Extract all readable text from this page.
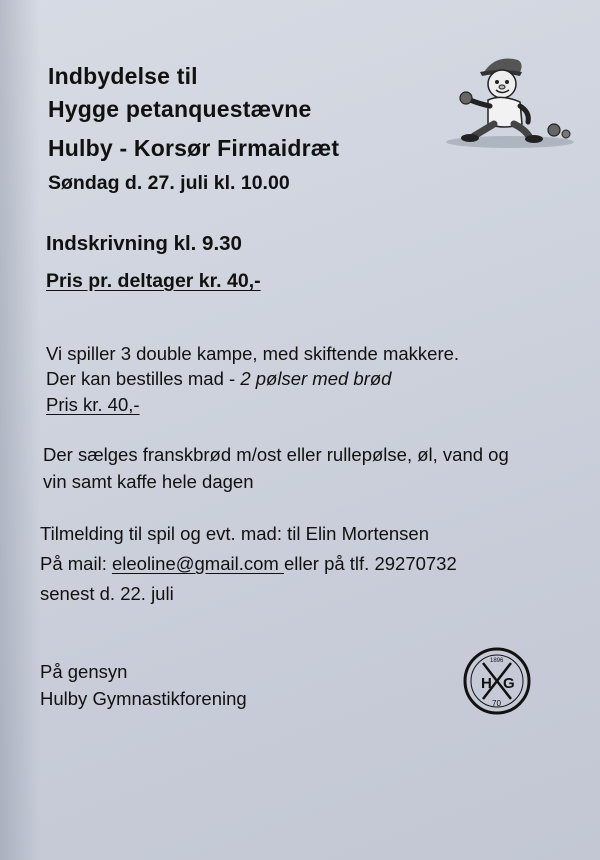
Indbydelse til
Hygge petanquestævne
Hulby - Korsør Firmaidræt
Søndag d. 27. juli kl. 10.00
Indskrivning kl. 9.30
Pris pr. deltager kr. 40,-
Vi spiller 3 double kampe, med skiftende makkere.
Der kan bestilles mad - 2 pølser med brød
Pris kr. 40,-
Der sælges franskbrød m/ost eller rullepølse, øl, vand og
vin samt kaffe hele dagen
Tilmelding til spil og evt. mad: til Elin Mortensen
På mail: eleoline@gmail.com eller på tlf. 29270732
senest d. 22. juli
På gensyn
Hulby Gymnastikforening
H G
1896
70
